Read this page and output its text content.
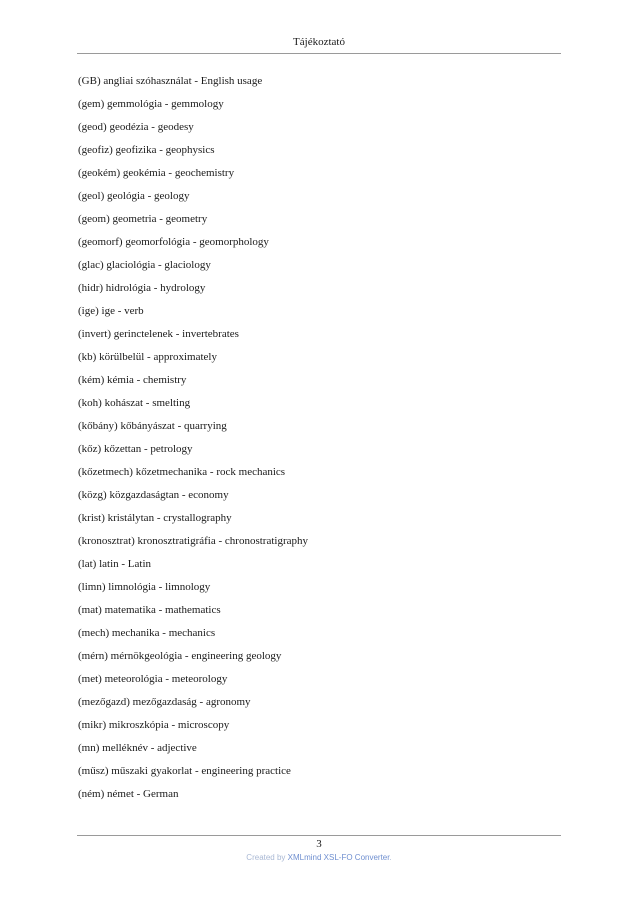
Tájékoztató
(GB) angliai szóhasználat - English usage
(gem) gemmológia - gemmology
(geod) geodézia - geodesy
(geofiz) geofizika - geophysics
(geokém) geokémia - geochemistry
(geol) geológia - geology
(geom) geometria - geometry
(geomorf) geomorfológia - geomorphology
(glac) glaciológia - glaciology
(hidr) hidrológia - hydrology
(ige) ige - verb
(invert) gerinctelenek - invertebrates
(kb) körülbelül - approximately
(kém) kémia - chemistry
(koh) kohászat - smelting
(kőbány) kőbányászat - quarrying
(kőz) kőzettan - petrology
(kőzetmech) kőzetmechanika - rock mechanics
(közg) közgazdaságtan - economy
(krist) kristálytan - crystallography
(kronosztrat) kronosztratigráfia - chronostratigraphy
(lat) latin - Latin
(limn) limnológia - limnology
(mat) matematika - mathematics
(mech) mechanika - mechanics
(mérn) mérnökgeológia - engineering geology
(met) meteorológia - meteorology
(mezőgazd) mezőgazdaság - agronomy
(mikr) mikroszkópia - microscopy
(mn) melléknév - adjective
(műsz) műszaki gyakorlat - engineering practice
(ném) német - German
3
Created by XMLmind XSL-FO Converter.
